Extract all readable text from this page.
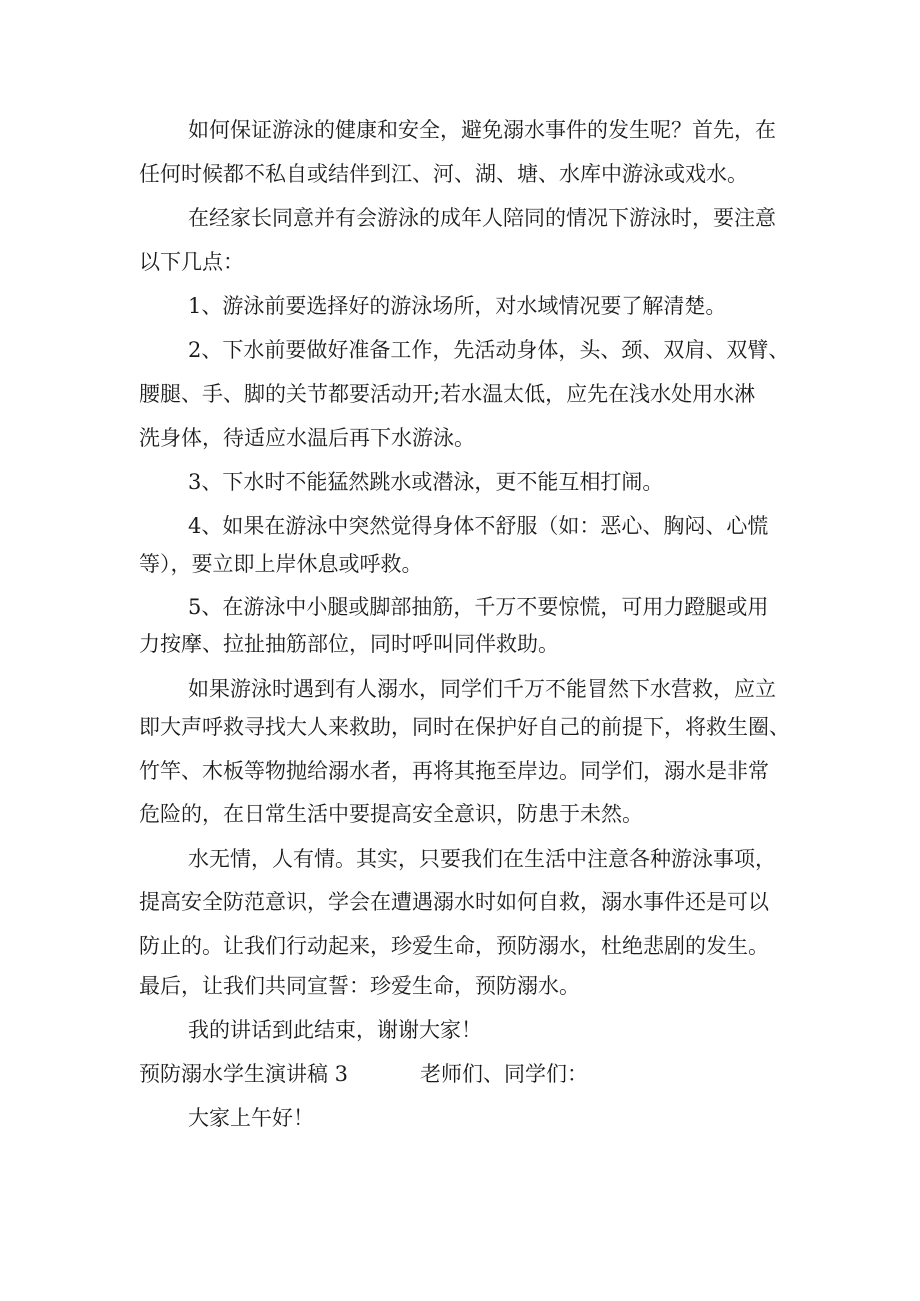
如何保证游泳的健康和安全，避免溺水事件的发生呢？首先，在
任何时候都不私自或结伴到江、河、湖、塘、水库中游泳或戏水。
在经家长同意并有会游泳的成年人陪同的情况下游泳时，要注意
以下几点：
1、游泳前要选择好的游泳场所，对水域情况要了解清楚。
2、下水前要做好准备工作，先活动身体，头、颈、双肩、双臂、
腰腿、手、脚的关节都要活动开;若水温太低，应先在浅水处用水淋
洗身体，待适应水温后再下水游泳。
3、下水时不能猛然跳水或潜泳，更不能互相打闹。
4、如果在游泳中突然觉得身体不舒服（如：恶心、胸闷、心慌
等），要立即上岸休息或呼救。
5、在游泳中小腿或脚部抽筋，千万不要惊慌，可用力蹬腿或用
力按摩、拉扯抽筋部位，同时呼叫同伴救助。
如果游泳时遇到有人溺水，同学们千万不能冒然下水营救，应立
即大声呼救寻找大人来救助，同时在保护好自己的前提下，将救生圈、
竹竿、木板等物抛给溺水者，再将其拖至岸边。同学们，溺水是非常
危险的，在日常生活中要提高安全意识，防患于未然。
水无情，人有情。其实，只要我们在生活中注意各种游泳事项，
提高安全防范意识，学会在遭遇溺水时如何自救，溺水事件还是可以
防止的。让我们行动起来，珍爱生命，预防溺水，杜绝悲剧的发生。
最后，让我们共同宣誓：珍爱生命，预防溺水。
我的讲话到此结束，谢谢大家！
预防溺水学生演讲稿 3	老师们、同学们：
大家上午好！
